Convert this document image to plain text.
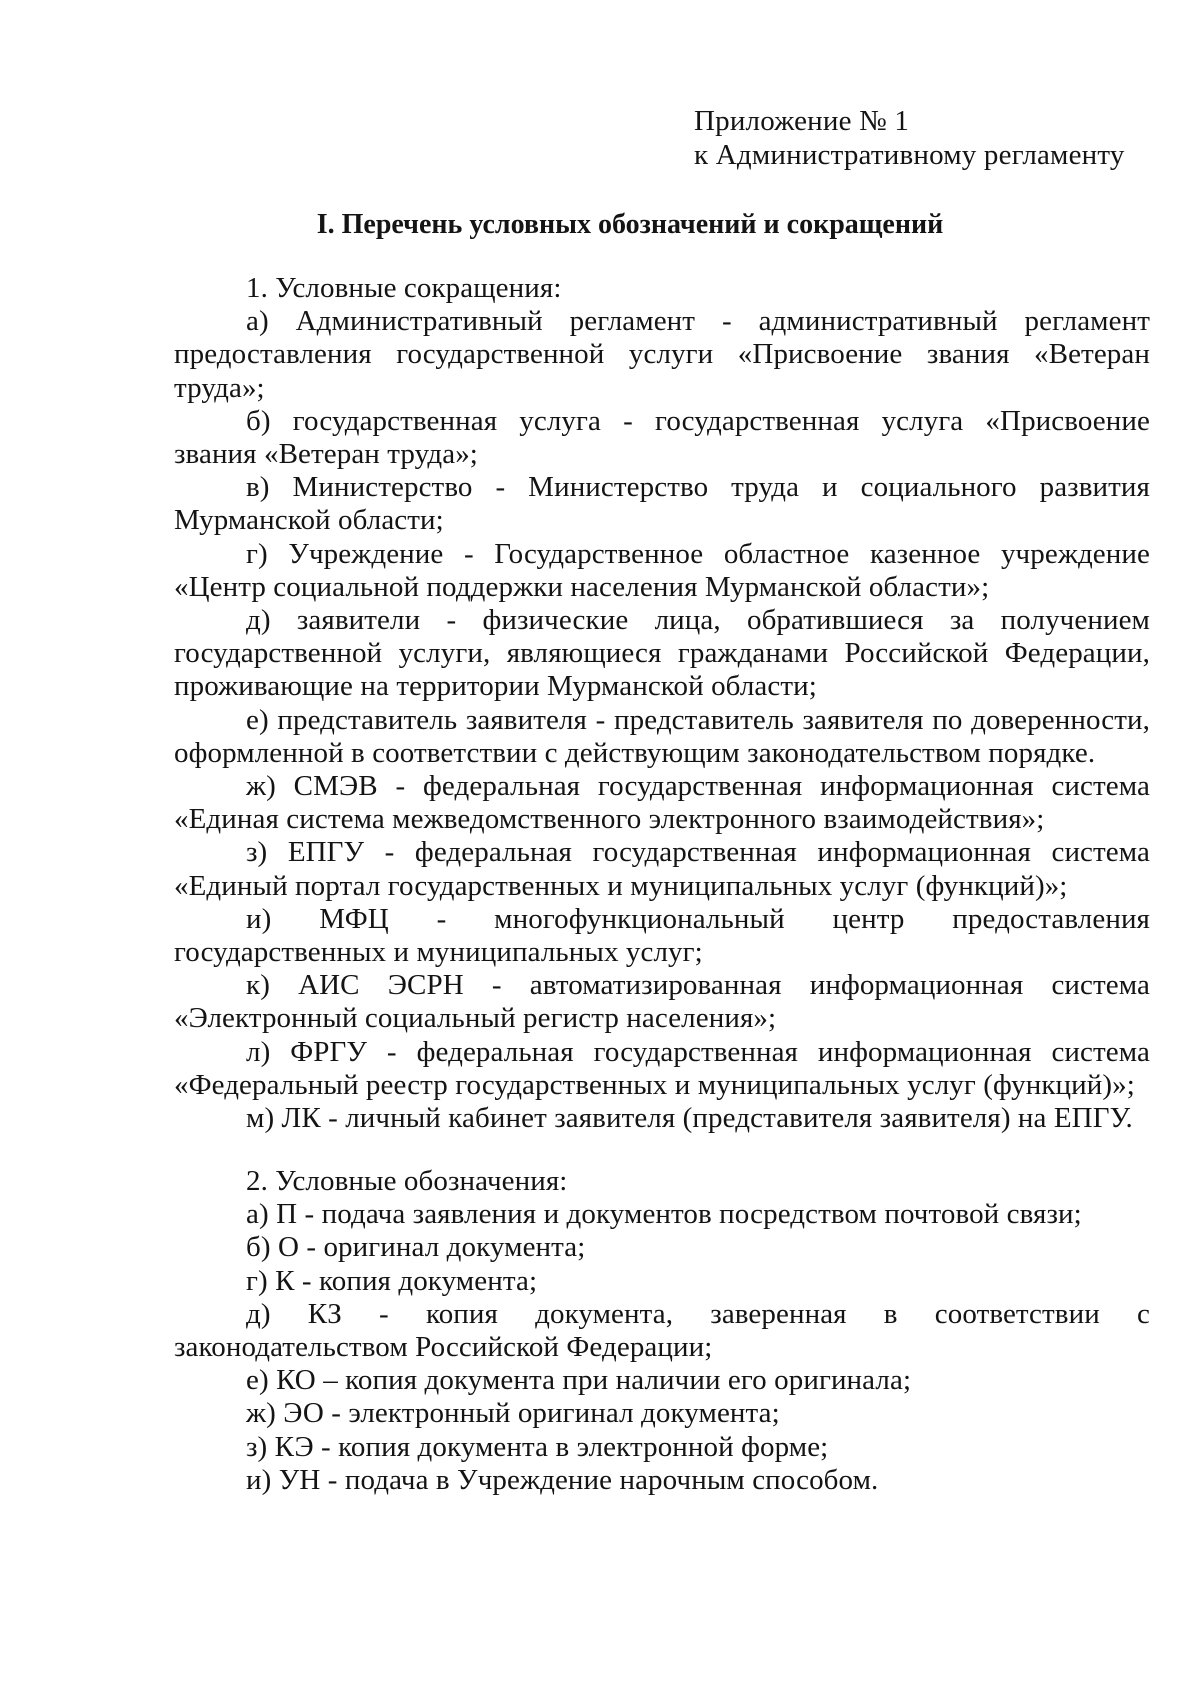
Приложение № 1
к Административному регламенту
I. Перечень условных обозначений и сокращений

1. Условные сокращения:

а) Административный регламент - административный регламент предоставления государственной услуги «Присвоение звания «Ветеран труда»;

б) государственная услуга - государственная услуга «Присвоение звания «Ветеран труда»;

в) Министерство - Министерство труда и социального развития Мурманской области;

г) Учреждение - Государственное областное казенное учреждение «Центр социальной поддержки населения Мурманской области»;

д) заявители - физические лица, обратившиеся за получением государственной услуги, являющиеся гражданами Российской Федерации, проживающие на территории Мурманской области;

е) представитель заявителя - представитель заявителя по доверенности, оформленной в соответствии с действующим законодательством порядке.

ж) СМЭВ - федеральная государственная информационная система «Единая система межведомственного электронного взаимодействия»;

з) ЕПГУ - федеральная государственная информационная система «Единый портал государственных и муниципальных услуг (функций)»;

и) МФЦ - многофункциональный центр предоставления государственных и муниципальных услуг;

к) АИС ЭСРН - автоматизированная информационная система «Электронный социальный регистр населения»;

л) ФРГУ - федеральная государственная информационная система «Федеральный реестр государственных и муниципальных услуг (функций)»;

м) ЛК - личный кабинет заявителя (представителя заявителя) на ЕПГУ.

2. Условные обозначения:

а) П - подача заявления и документов посредством почтовой связи;

б) О - оригинал документа;

г) К - копия документа;

д) КЗ - копия документа, заверенная в соответствии с законодательством Российской Федерации;

е) КО – копия документа при наличии его оригинала;

ж) ЭО - электронный оригинал документа;

з) КЭ - копия документа в электронной форме;

и) УН - подача в Учреждение нарочным способом.
